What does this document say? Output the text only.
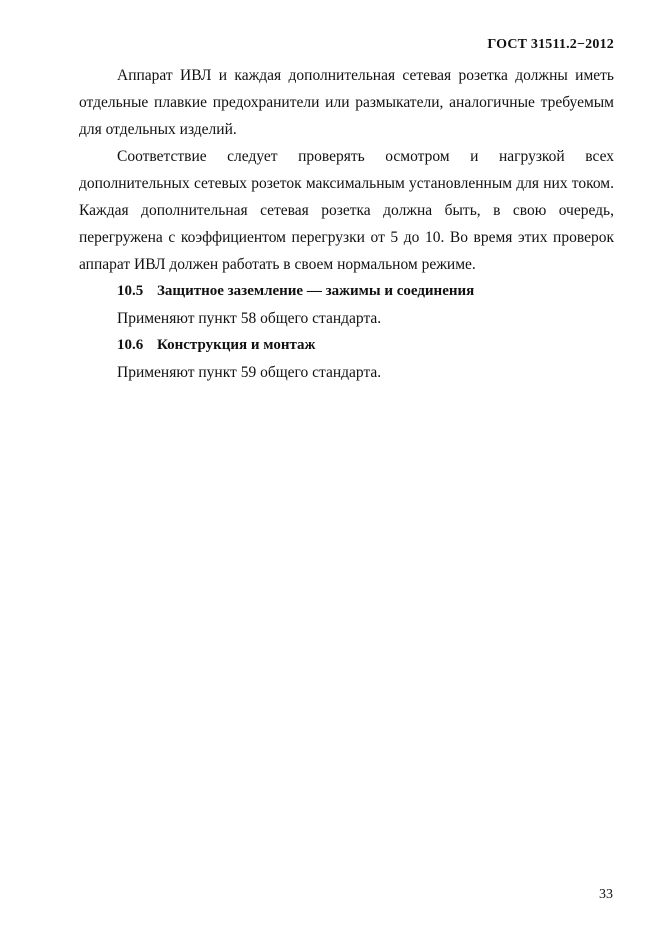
ГОСТ 31511.2−2012

Аппарат ИВЛ и каждая дополнительная сетевая розетка должны иметь отдельные плавкие предохранители или размыкатели, аналогичные требуемым для отдельных изделий.

Соответствие следует проверять осмотром и нагрузкой всех дополнительных сетевых розеток максимальным установленным для них током. Каждая дополнительная сетевая розетка должна быть, в свою очередь, перегружена с коэффициентом перегрузки от 5 до 10. Во время этих проверок аппарат ИВЛ должен работать в своем нормальном режиме.

10.5 Защитное заземление — зажимы и соединения

Применяют пункт 58 общего стандарта.

10.6 Конструкция и монтаж

Применяют пункт 59 общего стандарта.

33
